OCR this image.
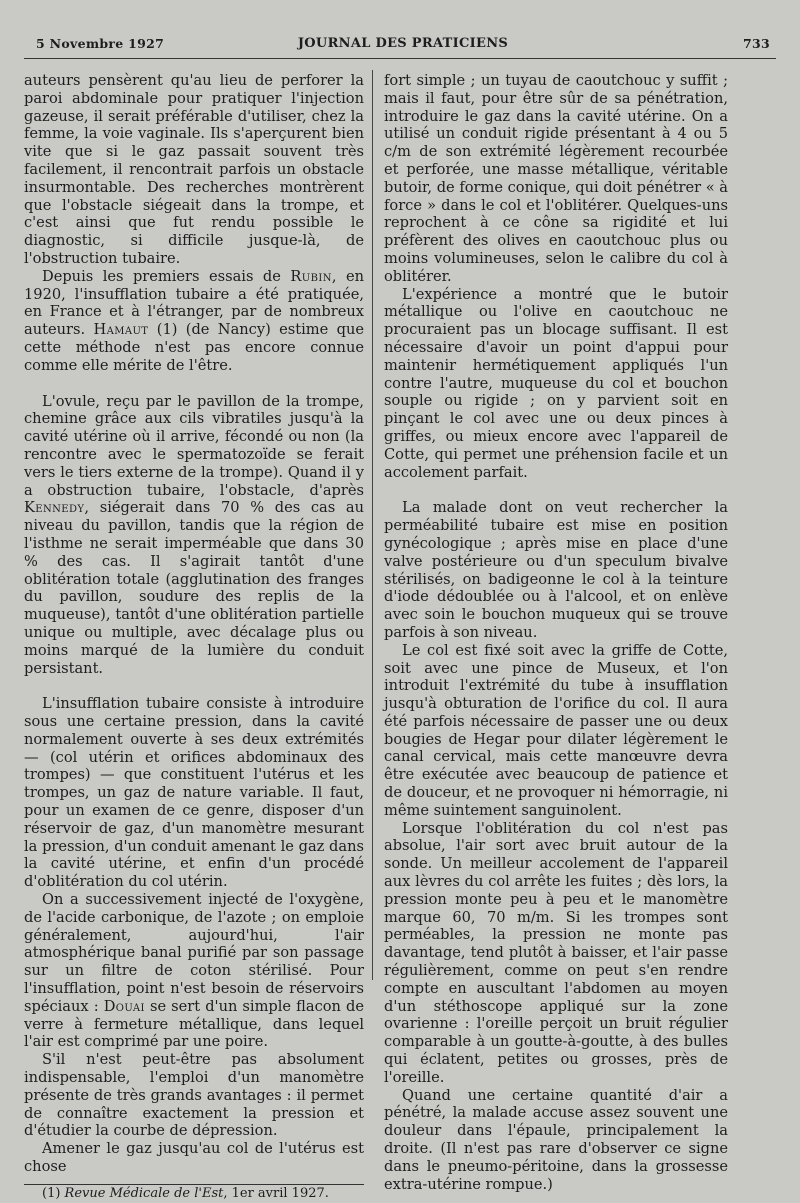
5 Novembre 1927	JOURNAL DES PRATICIENS	733

auteurs pensèrent qu'au lieu de perforer la paroi abdominale pour pratiquer l'injection gazeuse, il serait préférable d'utiliser, chez la femme, la voie vaginale. Ils s'aperçurent bien vite que si le gaz passait souvent très facilement, il rencontrait parfois un obstacle insurmontable. Des recherches montrèrent que l'obstacle siégeait dans la trompe, et c'est ainsi que fut rendu possible le diagnostic, si difficile jusque-là, de l'obstruction tubaire.

Depuis les premiers essais de Rubin, en 1920, l'insufflation tubaire a été pratiquée, en France et à l'étranger, par de nombreux auteurs. Hamaut (1) (de Nancy) estime que cette méthode n'est pas encore connue comme elle mérite de l'être.

L'ovule, reçu par le pavillon de la trompe, chemine grâce aux cils vibratiles jusqu'à la cavité utérine où il arrive, fécondé ou non (la rencontre avec le spermatozoïde se ferait vers le tiers externe de la trompe). Quand il y a obstruction tubaire, l'obstacle, d'après Kennedy, siégerait dans 70 % des cas au niveau du pavillon, tandis que la région de l'isthme ne serait imperméable que dans 30 % des cas. Il s'agirait tantôt d'une oblitération totale (agglutination des franges du pavillon, soudure des replis de la muqueuse), tantôt d'une oblitération partielle unique ou multiple, avec décalage plus ou moins marqué de la lumière du conduit persistant.

L'insufflation tubaire consiste à introduire sous une certaine pression, dans la cavité normalement ouverte à ses deux extrémités — (col utérin et orifices abdominaux des trompes) — que constituent l'utérus et les trompes, un gaz de nature variable. Il faut, pour un examen de ce genre, disposer d'un réservoir de gaz, d'un manomètre mesurant la pression, d'un conduit amenant le gaz dans la cavité utérine, et enfin d'un procédé d'oblitération du col utérin.

On a successivement injecté de l'oxygène, de l'acide carbonique, de l'azote ; on emploie généralement, aujourd'hui, l'air atmosphérique banal purifié par son passage sur un filtre de coton stérilisé. Pour l'insufflation, point n'est besoin de réservoirs spéciaux : Douai se sert d'un simple flacon de verre à fermeture métallique, dans lequel l'air est comprimé par une poire.

S'il n'est peut-être pas absolument indispensable, l'emploi d'un manomètre présente de très grands avantages : il permet de connaître exactement la pression et d'étudier la courbe de dépression.

Amener le gaz jusqu'au col de l'utérus est chose

(1) Revue Médicale de l'Est, 1er avril 1927.

fort simple ; un tuyau de caoutchouc y suffit ; mais il faut, pour être sûr de sa pénétration, introduire le gaz dans la cavité utérine. On a utilisé un conduit rigide présentant à 4 ou 5 c/m de son extrémité légèrement recourbée et perforée, une masse métallique, véritable butoir, de forme conique, qui doit pénétrer « à force » dans le col et l'oblitérer. Quelques-uns reprochent à ce cône sa rigidité et lui préfèrent des olives en caoutchouc plus ou moins volumineuses, selon le calibre du col à oblitérer.

L'expérience a montré que le butoir métallique ou l'olive en caoutchouc ne procuraient pas un blocage suffisant. Il est nécessaire d'avoir un point d'appui pour maintenir hermétiquement appliqués l'un contre l'autre, muqueuse du col et bouchon souple ou rigide ; on y parvient soit en pinçant le col avec une ou deux pinces à griffes, ou mieux encore avec l'appareil de Cotte, qui permet une préhension facile et un accolement parfait.

La malade dont on veut rechercher la perméabilité tubaire est mise en position gynécologique ; après mise en place d'une valve postérieure ou d'un speculum bivalve stérilisés, on badigeonne le col à la teinture d'iode dédoublée ou à l'alcool, et on enlève avec soin le bouchon muqueux qui se trouve parfois à son niveau.

Le col est fixé soit avec la griffe de Cotte, soit avec une pince de Museux, et l'on introduit l'extrémité du tube à insufflation jusqu'à obturation de l'orifice du col. Il aura été parfois nécessaire de passer une ou deux bougies de Hegar pour dilater légèrement le canal cervical, mais cette manœuvre devra être exécutée avec beaucoup de patience et de douceur, et ne provoquer ni hémorragie, ni même suintement sanguinolent.

Lorsque l'oblitération du col n'est pas absolue, l'air sort avec bruit autour de la sonde. Un meilleur accolement de l'appareil aux lèvres du col arrête les fuites ; dès lors, la pression monte peu à peu et le manomètre marque 60, 70 m/m. Si les trompes sont perméables, la pression ne monte pas davantage, tend plutôt à baisser, et l'air passe régulièrement, comme on peut s'en rendre compte en auscultant l'abdomen au moyen d'un stéthoscope appliqué sur la zone ovarienne : l'oreille perçoit un bruit régulier comparable à un goutte-à-goutte, à des bulles qui éclatent, petites ou grosses, près de l'oreille.

Quand une certaine quantité d'air a pénétré, la malade accuse assez souvent une douleur dans l'épaule, principalement la droite. (Il n'est pas rare d'observer ce signe dans le pneumo-péritoine, dans la grossesse extra-utérine rompue.)
